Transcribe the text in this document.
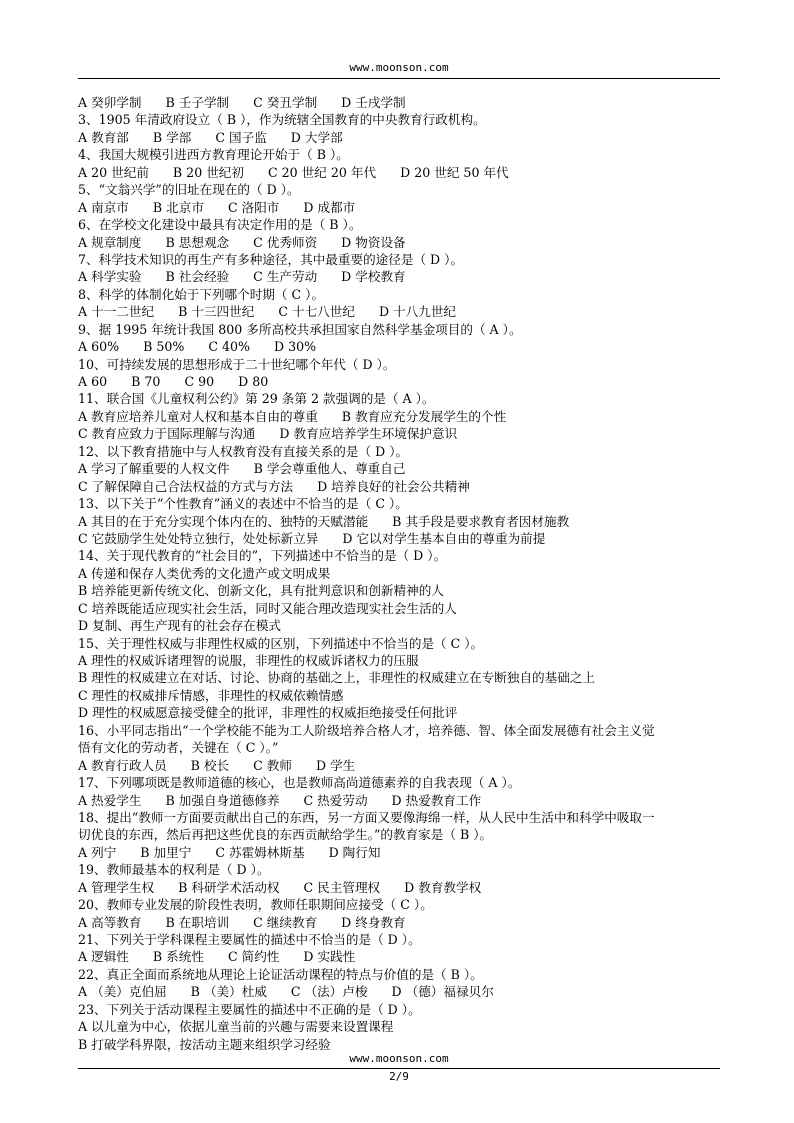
www.moonson.com
A 癸卯学制      B 壬子学制      C 癸丑学制      D 壬戌学制
3、1905 年清政府设立（ B ），作为统辖全国教育的中央教育行政机构。
A 教育部      B 学部      C 国子监      D 大学部
4、我国大规模引进西方教育理论开始于（ B ）。
A 20 世纪前      B 20 世纪初      C 20 世纪 20 年代      D 20 世纪 50 年代
5、“文翁兴学”的旧址在现在的（ D ）。
A 南京市      B 北京市      C 洛阳市      D 成都市
6、在学校文化建设中最具有决定作用的是（ B ）。
A 规章制度      B 思想观念      C 优秀师资      D 物资设备
7、科学技术知识的再生产有多种途径，其中最重要的途径是（ D ）。
A 科学实验      B 社会经验      C 生产劳动      D 学校教育
8、科学的体制化始于下列哪个时期（ C ）。
A 十一二世纪      B 十三四世纪      C 十七八世纪      D 十八九世纪
9、据 1995 年统计我国 800 多所高校共承担国家自然科学基金项目的（ A ）。
A 60%      B 50%      C 40%      D 30%
10、可持续发展的思想形成于二十世纪哪个年代（ D ）。
A 60      B 70      C 90      D 80
11、联合国《儿童权利公约》第 29 条第 2 款强调的是（ A ）。
A 教育应培养儿童对人权和基本自由的尊重      B 教育应充分发展学生的个性
C 教育应致力于国际理解与沟通      D 教育应培养学生环境保护意识
12、以下教育措施中与人权教育没有直接关系的是（ D ）。
A 学习了解重要的人权文件      B 学会尊重他人、尊重自己
C 了解保障自己合法权益的方式与方法      D 培养良好的社会公共精神
13、以下关于“个性教育”涵义的表述中不恰当的是（ C ）。
A 其目的在于充分实现个体内在的、独特的天赋潜能      B 其手段是要求教育者因材施教
C 它鼓励学生处处特立独行，处处标新立异      D 它以对学生基本自由的尊重为前提
14、关于现代教育的“社会目的”，下列描述中不恰当的是（ D ）。
A 传递和保存人类优秀的文化遗产或文明成果
B 培养能更新传统文化、创新文化，具有批判意识和创新精神的人
C 培养既能适应现实社会生活，同时又能合理改造现实社会生活的人
D 复制、再生产现有的社会存在模式
15、关于理性权威与非理性权威的区别，下列描述中不恰当的是（ C ）。
A 理性的权威诉诸理智的说服，非理性的权威诉诸权力的压服
B 理性的权威建立在对话、讨论、协商的基础之上，非理性的权威建立在专断独自的基础之上
C 理性的权威排斥情感，非理性的权威依赖情感
D 理性的权威愿意接受健全的批评，非理性的权威拒绝接受任何批评
16、小平同志指出“一个学校能不能为工人阶级培养合格人才，培养德、智、体全面发展德有社会主义觉
悟有文化的劳动者，关键在（ C ）。”
A 教育行政人员      B 校长      C 教师      D 学生
17、下列哪项既是教师道德的核心，也是教师高尚道德素养的自我表现（ A ）。
A 热爱学生      B 加强自身道德修养      C 热爱劳动      D 热爱教育工作
18、提出“教师一方面要贡献出自己的东西，另一方面又要像海绵一样，从人民中生活中和科学中吸取一
切优良的东西，然后再把这些优良的东西贡献给学生。”的教育家是（ B ）。
A 列宁      B 加里宁      C 苏霍姆林斯基      D 陶行知
19、教师最基本的权利是（ D ）。
A 管理学生权      B 科研学术活动权      C 民主管理权      D 教育教学权
20、教师专业发展的阶段性表明，教师任职期间应接受（ C ）。
A 高等教育      B 在职培训      C 继续教育      D 终身教育
21、下列关于学科课程主要属性的描述中不恰当的是（ D ）。
A 逻辑性      B 系统性      C 简约性      D 实践性
22、真正全面而系统地从理论上论证活动课程的特点与价值的是（ B ）。
A （美）克伯屈      B （美）杜威      C （法）卢梭      D （德）福禄贝尔
23、下列关于活动课程主要属性的描述中不正确的是（ D ）。
A 以儿童为中心，依据儿童当前的兴趣与需要来设置课程
B 打破学科界限，按活动主题来组织学习经验
www.moonson.com
2/9
